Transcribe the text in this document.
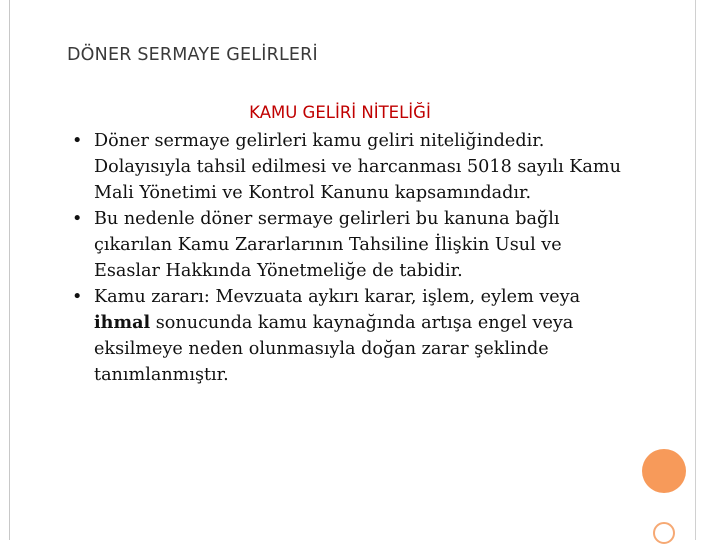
DÖNER SERMAYE GELİRLERİ
KAMU GELİRİ NİTELİĞİ
• Döner sermaye gelirleri kamu geliri niteliğindedir. Dolayısıyla tahsil edilmesi ve harcanması 5018 sayılı Kamu Mali Yönetimi ve Kontrol Kanunu kapsamındadır.
• Bu nedenle döner sermaye gelirleri bu kanuna bağlı çıkarılan Kamu Zararlarının Tahsiline İlişkin Usul ve Esaslar Hakkında Yönetmeliğe de tabidir.
• Kamu zararı: Mevzuata aykırı karar, işlem, eylem veya ihmal sonucunda kamu kaynağında artışa engel veya eksilmeye neden olunmasıyla doğan zarar şeklinde tanımlanmıştır.
